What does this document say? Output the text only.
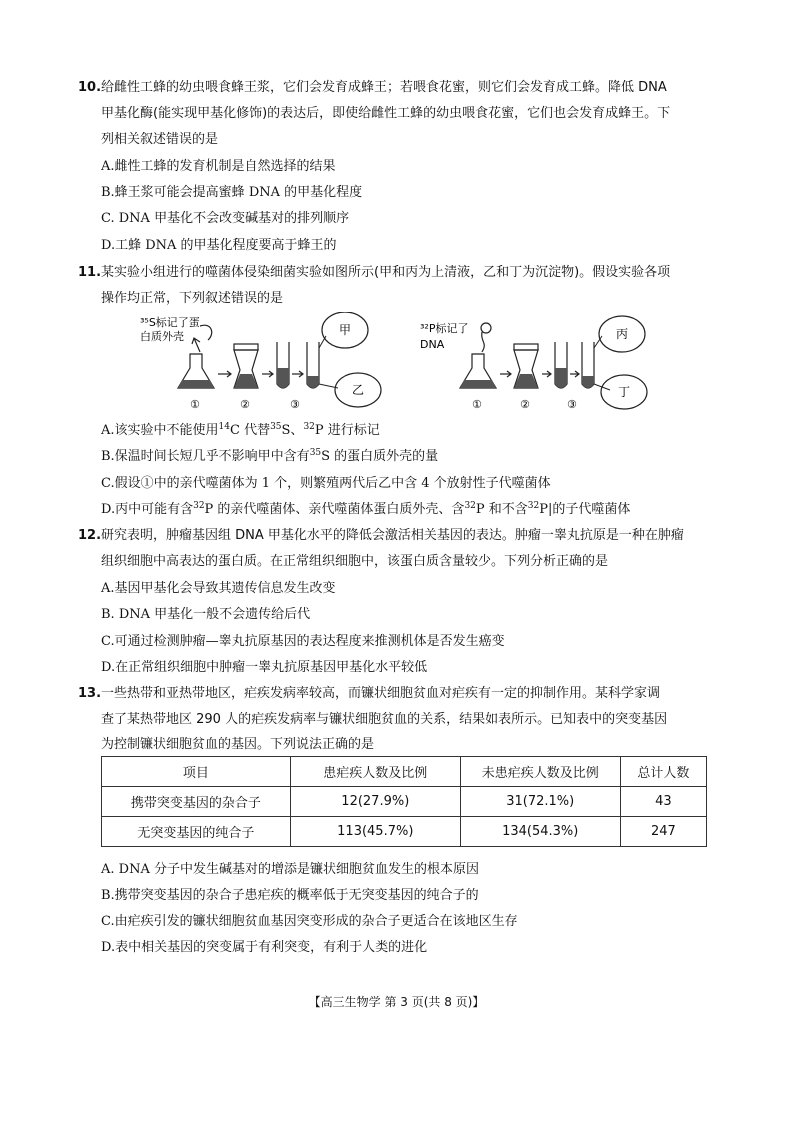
10.给雌性工蜂的幼虫喂食蜂王浆，它们会发育成蜂王；若喂食花蜜，则它们会发育成工蜂。降低 DNA
甲基化酶(能实现甲基化修饰)的表达后，即使给雌性工蜂的幼虫喂食花蜜，它们也会发育成蜂王。下
列相关叙述错误的是
A.雌性工蜂的发育机制是自然选择的结果
B.蜂王浆可能会提高蜜蜂 DNA 的甲基化程度
C. DNA 甲基化不会改变碱基对的排列顺序
D.工蜂 DNA 的甲基化程度要高于蜂王的
11.某实验小组进行的噬菌体侵染细菌实验如图所示(甲和丙为上清液，乙和丁为沉淀物)。假设实验各项
操作均正常，下列叙述错误的是
³⁵S标记了蛋
白质外壳	甲
乙
①	②	③
³²P标记了
DNA
丙
丁
①	②	③
A.该实验中不能使用$^{14}$C 代替$^{35}$S、$^{32}$P 进行标记
B.保温时间长短几乎不影响甲中含有$^{35}$S 的蛋白质外壳的量
C.假设①中的亲代噬菌体为 1 个，则繁殖两代后乙中含 4 个放射性子代噬菌体
D.丙中可能有含$^{32}$P 的亲代噬菌体、亲代噬菌体蛋白质外壳、含$^{32}$P 和不含$^{32}$P|的子代噬菌体
12.研究表明，肿瘤基因组 DNA 甲基化水平的降低会激活相关基因的表达。肿瘤一睾丸抗原是一种在肿瘤
组织细胞中高表达的蛋白质。在正常组织细胞中，该蛋白质含量较少。下列分析正确的是
A.基因甲基化会导致其遗传信息发生改变
B. DNA 甲基化一般不会遗传给后代
C.可通过检测肿瘤—睾丸抗原基因的表达程度来推测机体是否发生癌变
D.在正常组织细胞中肿瘤一睾丸抗原基因甲基化水平较低
13.一些热带和亚热带地区，疟疾发病率较高，而镰状细胞贫血对疟疾有一定的抑制作用。某科学家调
查了某热带地区 290 人的疟疾发病率与镰状细胞贫血的关系，结果如表所示。已知表中的突变基因
为控制镰状细胞贫血的基因。下列说法正确的是
项目	患疟疾人数及比例	未患疟疾人数及比例	总计人数
携带突变基因的杂合子	12(27.9%)	31(72.1%)	43
无突变基因的纯合子	113(45.7%)	134(54.3%)	247
A. DNA 分子中发生碱基对的增添是镰状细胞贫血发生的根本原因
B.携带突变基因的杂合子患疟疾的概率低于无突变基因的纯合子的
C.由疟疾引发的镰状细胞贫血基因突变形成的杂合子更适合在该地区生存
D.表中相关基因的突变属于有利突变，有利于人类的进化
【高三生物学 第 3 页(共 8 页)】
